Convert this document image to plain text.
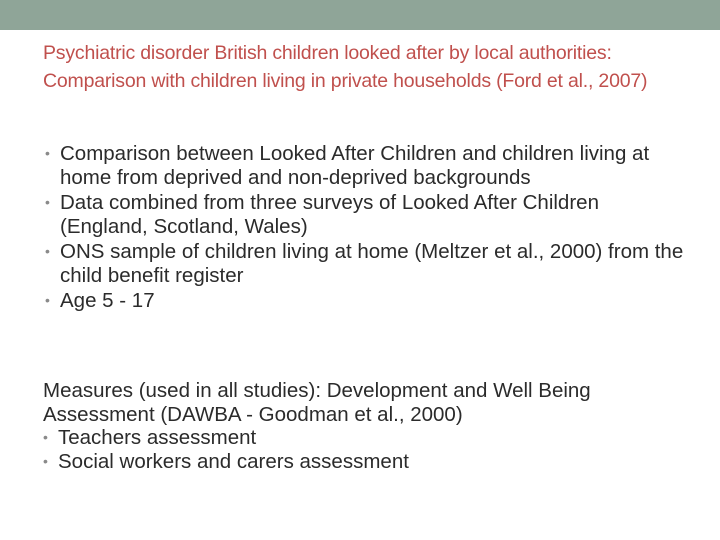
Psychiatric disorder British children looked after by local authorities: Comparison with children living in private households (Ford et al., 2007)
• Comparison between Looked After Children and children living at home from deprived and non-deprived backgrounds
• Data combined from three surveys of Looked After Children (England, Scotland, Wales)
• ONS sample of children living at home (Meltzer et al., 2000) from the child benefit register
• Age 5 - 17
Measures (used in all studies): Development and Well Being Assessment (DAWBA - Goodman et al., 2000)
• Teachers assessment
• Social workers and carers assessment
